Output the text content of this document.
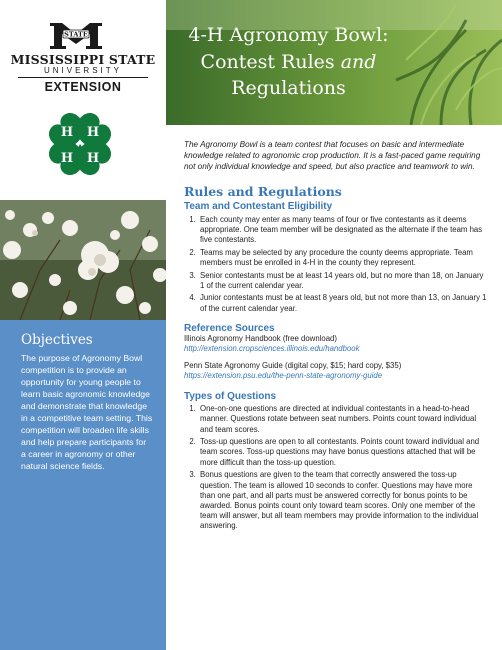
STATE
MISSISSIPPI STATE
UNIVERSITY
EXTENSION
H H
H H

Objectives
The purpose of Agronomy Bowl competition is to provide an opportunity for young people to learn basic agronomic knowledge and demonstrate that knowledge in a competitive team setting. This competition will broaden life skills and help prepare participants for a career in agronomy or other natural science fields.
4-H Agronomy Bowl:
Contest Rules and
Regulations

The Agronomy Bowl is a team contest that focuses on basic and intermediate knowledge related to agronomic crop production. It is a fast-paced game requiring not only individual knowledge and speed, but also practice and teamwork to win.

Rules and Regulations
Team and Contestant Eligibility
1. Each county may enter as many teams of four or five contestants as it deems appropriate. One team member will be designated as the alternate if the team has five contestants.
2. Teams may be selected by any procedure the county deems appropriate. Team members must be enrolled in 4-H in the county they represent.
3. Senior contestants must be at least 14 years old, but no more than 18, on January 1 of the current calendar year.
4. Junior contestants must be at least 8 years old, but not more than 13, on January 1 of the current calendar year.
Reference Sources
Illinois Agronomy Handbook (free download)
http://extension.cropsciences.illinois.edu/handbook
Penn State Agronomy Guide (digital copy, $15; hard copy, $35)
https://extension.psu.edu/the-penn-state-agronomy-guide
Types of Questions
1. One-on-one questions are directed at individual contestants in a head-to-head manner. Questions rotate between seat numbers. Points count toward individual and team scores.
2. Toss-up questions are open to all contestants. Points count toward individual and team scores. Toss-up questions may have bonus questions attached that will be more difficult than the toss-up question.
3. Bonus questions are given to the team that correctly answered the toss-up question. The team is allowed 10 seconds to confer. Questions may have more than one part, and all parts must be answered correctly for bonus points to be awarded. Bonus points count only toward team scores. Only one member of the team will answer, but all team members may provide information to the individual answering.
